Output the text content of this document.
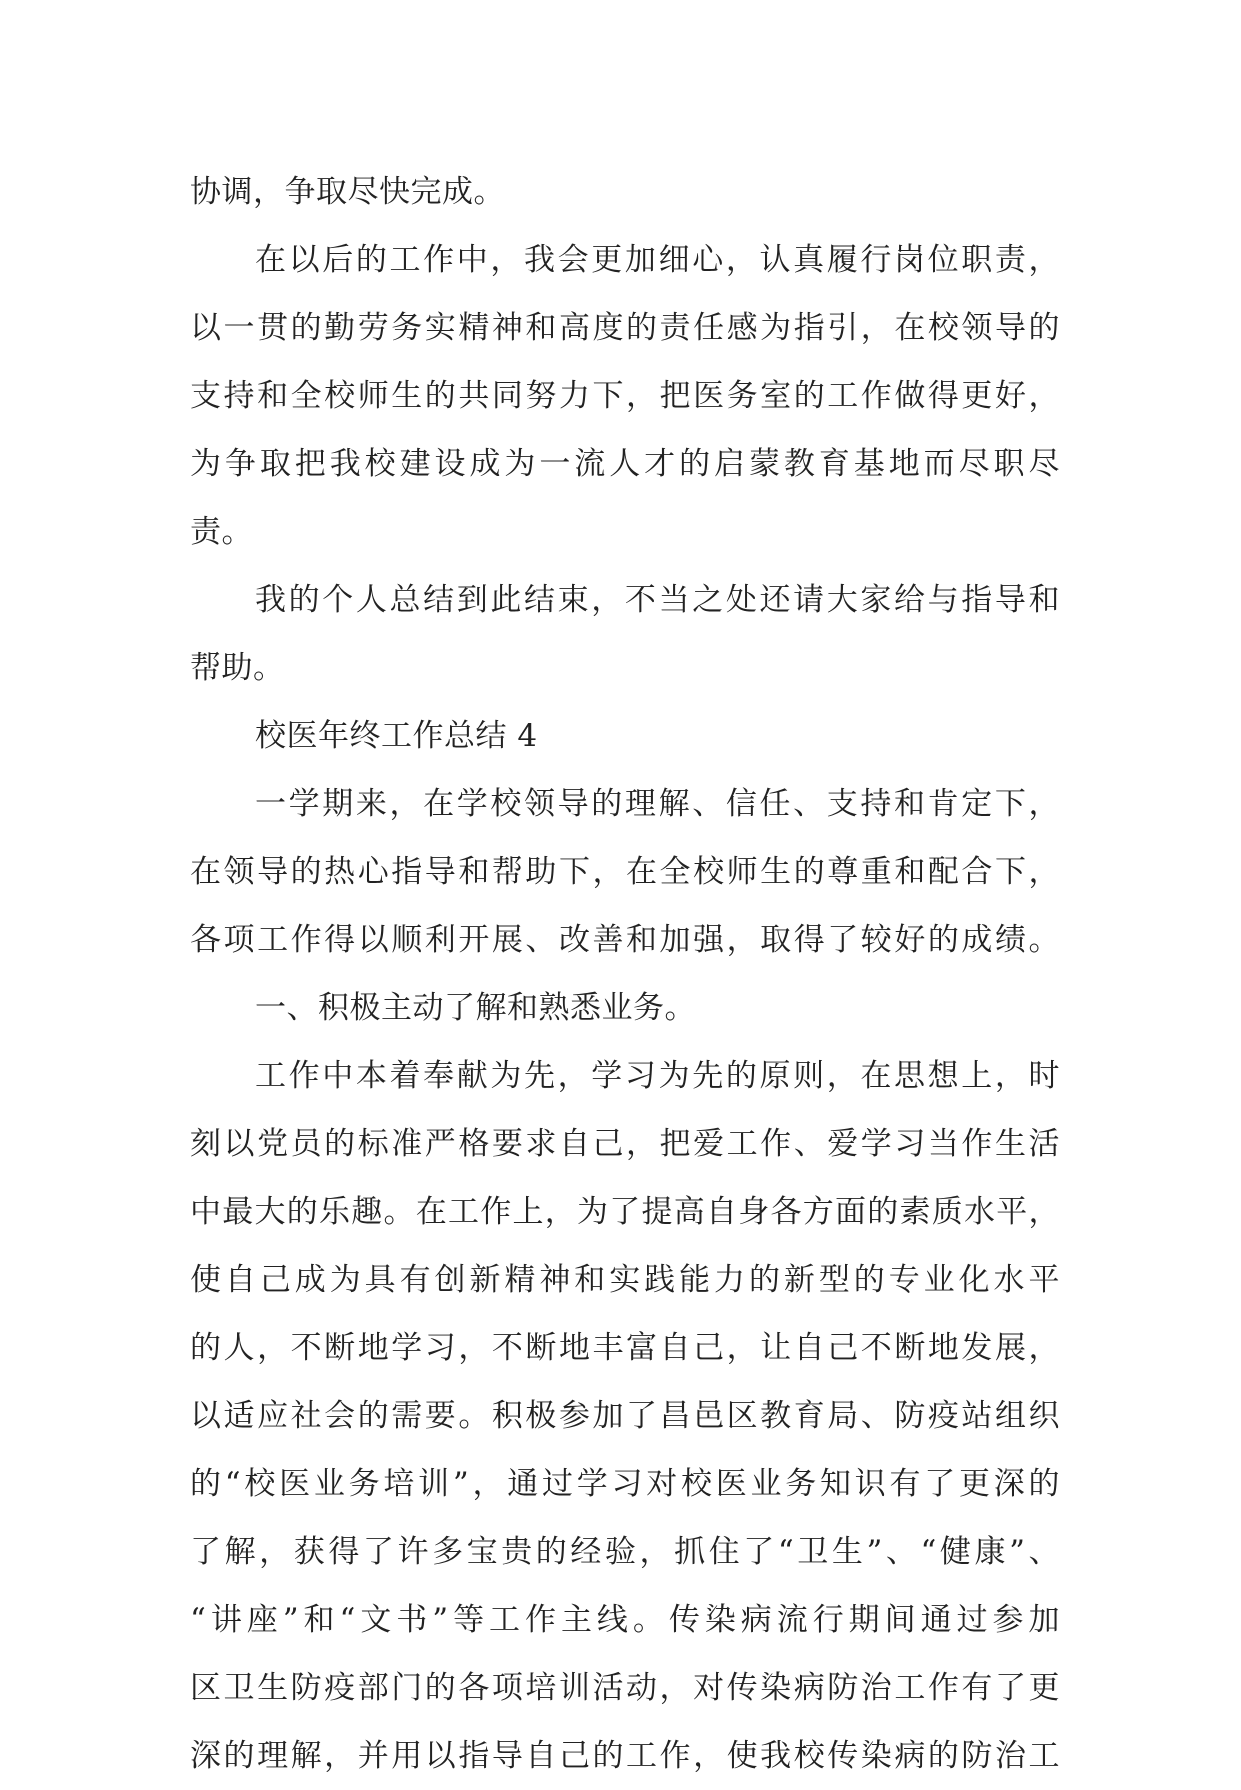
协调，争取尽快完成。
在以后的工作中，我会更加细心，认真履行岗位职责，
以一贯的勤劳务实精神和高度的责任感为指引，在校领导的
支持和全校师生的共同努力下，把医务室的工作做得更好，
为争取把我校建设成为一流人才的启蒙教育基地而尽职尽
责。
我的个人总结到此结束，不当之处还请大家给与指导和
帮助。
校医年终工作总结 4
一学期来，在学校领导的理解、信任、支持和肯定下，
在领导的热心指导和帮助下，在全校师生的尊重和配合下，
各项工作得以顺利开展、改善和加强，取得了较好的成绩。
一、积极主动了解和熟悉业务。
工作中本着奉献为先，学习为先的原则，在思想上，时
刻以党员的标准严格要求自己，把爱工作、爱学习当作生活
中最大的乐趣。在工作上，为了提高自身各方面的素质水平，
使自己成为具有创新精神和实践能力的新型的专业化水平
的人，不断地学习，不断地丰富自己，让自己不断地发展，
以适应社会的需要。积极参加了昌邑区教育局、防疫站组织
的“校医业务培训”，通过学习对校医业务知识有了更深的
了解，获得了许多宝贵的经验，抓住了“卫生”、“健康”、
“讲座”和“文书”等工作主线。传染病流行期间通过参加
区卫生防疫部门的各项培训活动，对传染病防治工作有了更
深的理解，并用以指导自己的工作，使我校传染病的防治工
